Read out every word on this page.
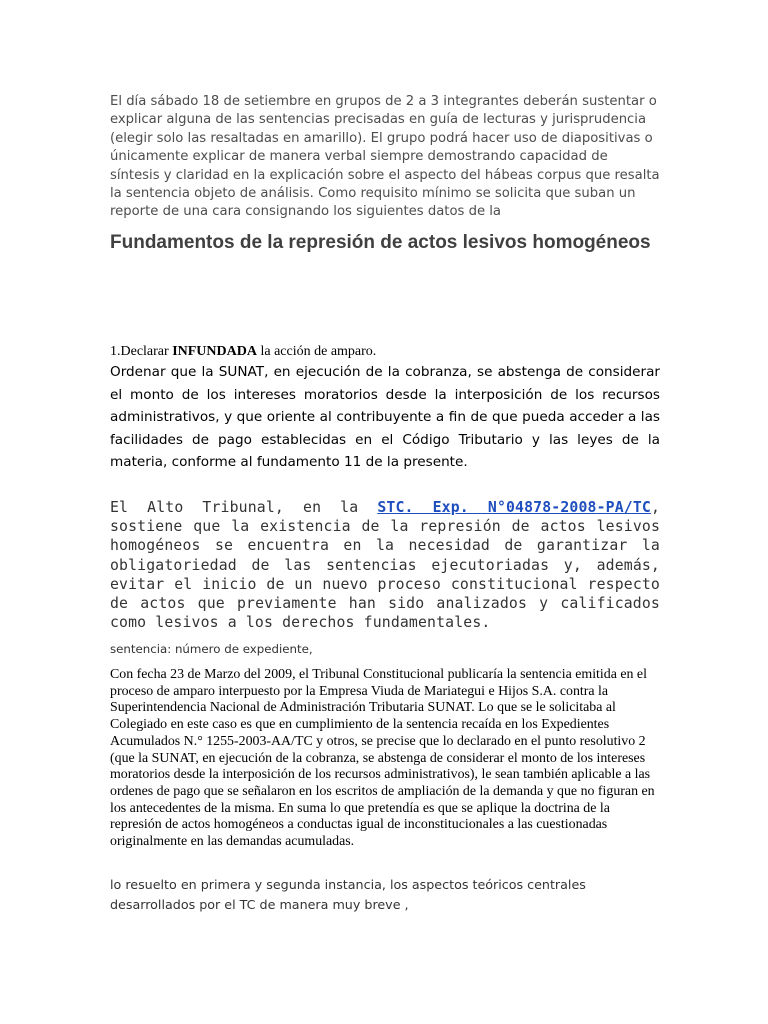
El día sábado 18 de setiembre en grupos de 2 a 3 integrantes deberán sustentar o explicar alguna de las sentencias precisadas en guía de lecturas y jurisprudencia (elegir solo las resaltadas en amarillo). El grupo podrá hacer uso de diapositivas o únicamente explicar de manera verbal siempre demostrando capacidad de síntesis y claridad en la explicación sobre el aspecto del hábeas corpus que resalta la sentencia objeto de análisis. Como requisito mínimo se solicita que suban un reporte de una cara consignando los siguientes datos de la

Fundamentos de la represión de actos lesivos homogéneos

1.Declarar INFUNDADA la acción de amparo.

Ordenar que la SUNAT, en ejecución de la cobranza, se abstenga de considerar el monto de los intereses moratorios desde la interposición de los recursos administrativos, y que oriente al contribuyente a fin de que pueda acceder a las facilidades de pago establecidas en el Código Tributario y las leyes de la materia, conforme al fundamento 11 de la presente.

El Alto Tribunal, en la STC. Exp. N°04878-2008-PA/TC, sostiene que la existencia de la represión de actos lesivos homogéneos se encuentra en la necesidad de garantizar la obligatoriedad de las sentencias ejecutoriadas y, además, evitar el inicio de un nuevo proceso constitucional respecto de actos que previamente han sido analizados y calificados como lesivos a los derechos fundamentales.

sentencia: número de expediente,

Con fecha 23 de Marzo del 2009, el Tribunal Constitucional publicaría la sentencia emitida en el proceso de amparo interpuesto por la Empresa Viuda de Mariategui e Hijos S.A. contra la Superintendencia Nacional de Administración Tributaria SUNAT. Lo que se le solicitaba al Colegiado en este caso es que en cumplimiento de la sentencia recaída en los Expedientes Acumulados N.° 1255-2003-AA/TC y otros, se precise que lo declarado en el punto resolutivo 2 (que la SUNAT, en ejecución de la cobranza, se abstenga de considerar el monto de los intereses moratorios desde la interposición de los recursos administrativos), le sean también aplicable a las ordenes de pago que se señalaron en los escritos de ampliación de la demanda y que no figuran en los antecedentes de la misma. En suma lo que pretendía es que se aplique la doctrina de la represión de actos homogéneos a conductas igual de inconstitucionales a las cuestionadas originalmente en las demandas acumuladas.

lo resuelto en primera y segunda instancia, los aspectos teóricos centrales desarrollados por el TC de manera muy breve ,
